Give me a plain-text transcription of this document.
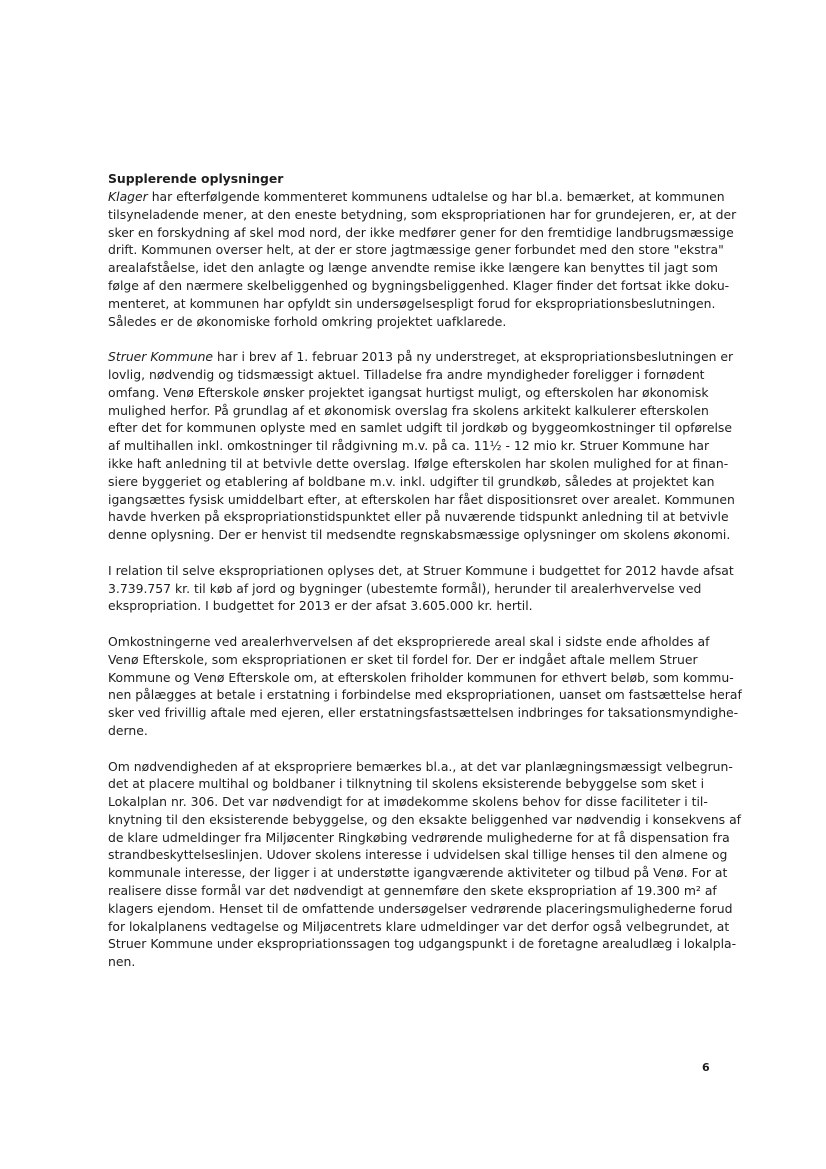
Supplerende oplysninger

Klager har efterfølgende kommenteret kommunens udtalelse og har bl.a. bemærket, at kommunen
tilsyneladende mener, at den eneste betydning, som ekspropriationen har for grundejeren, er, at der
sker en forskydning af skel mod nord, der ikke medfører gener for den fremtidige landbrugsmæssige
drift. Kommunen overser helt, at der er store jagtmæssige gener forbundet med den store "ekstra"
arealafståelse, idet den anlagte og længe anvendte remise ikke længere kan benyttes til jagt som
følge af den nærmere skelbeliggenhed og bygningsbeliggenhed. Klager finder det fortsat ikke doku-
menteret, at kommunen har opfyldt sin undersøgelsespligt forud for ekspropriationsbeslutningen.
Således er de økonomiske forhold omkring projektet uafklarede.

Struer Kommune har i brev af 1. februar 2013 på ny understreget, at ekspropriationsbeslutningen er
lovlig, nødvendig og tidsmæssigt aktuel. Tilladelse fra andre myndigheder foreligger i fornødent
omfang. Venø Efterskole ønsker projektet igangsat hurtigst muligt, og efterskolen har økonomisk
mulighed herfor. På grundlag af et økonomisk overslag fra skolens arkitekt kalkulerer efterskolen
efter det for kommunen oplyste med en samlet udgift til jordkøb og byggeomkostninger til opførelse
af multihallen inkl. omkostninger til rådgivning m.v. på ca. 11½ - 12 mio kr. Struer Kommune har
ikke haft anledning til at betvivle dette overslag. Ifølge efterskolen har skolen mulighed for at finan-
siere byggeriet og etablering af boldbane m.v. inkl. udgifter til grundkøb, således at projektet kan
igangsættes fysisk umiddelbart efter, at efterskolen har fået dispositionsret over arealet. Kommunen
havde hverken på ekspropriationstidspunktet eller på nuværende tidspunkt anledning til at betvivle
denne oplysning. Der er henvist til medsendte regnskabsmæssige oplysninger om skolens økonomi.

I relation til selve ekspropriationen oplyses det, at Struer Kommune i budgettet for 2012 havde afsat
3.739.757 kr. til køb af jord og bygninger (ubestemte formål), herunder til arealerhvervelse ved
ekspropriation. I budgettet for 2013 er der afsat 3.605.000 kr. hertil.

Omkostningerne ved arealerhvervelsen af det eksproprierede areal skal i sidste ende afholdes af
Venø Efterskole, som ekspropriationen er sket til fordel for. Der er indgået aftale mellem Struer
Kommune og Venø Efterskole om, at efterskolen friholder kommunen for ethvert beløb, som kommu-
nen pålægges at betale i erstatning i forbindelse med ekspropriationen, uanset om fastsættelse heraf
sker ved frivillig aftale med ejeren, eller erstatningsfastsættelsen indbringes for taksationsmyndighe-
derne.

Om nødvendigheden af at ekspropriere bemærkes bl.a., at det var planlægningsmæssigt velbegrun-
det at placere multihal og boldbaner i tilknytning til skolens eksisterende bebyggelse som sket i
Lokalplan nr. 306. Det var nødvendigt for at imødekomme skolens behov for disse faciliteter i til-
knytning til den eksisterende bebyggelse, og den eksakte beliggenhed var nødvendig i konsekvens af
de klare udmeldinger fra Miljøcenter Ringkøbing vedrørende mulighederne for at få dispensation fra
strandbeskyttelseslinjen. Udover skolens interesse i udvidelsen skal tillige henses til den almene og
kommunale interesse, der ligger i at understøtte igangværende aktiviteter og tilbud på Venø. For at
realisere disse formål var det nødvendigt at gennemføre den skete ekspropriation af 19.300 m² af
klagers ejendom. Henset til de omfattende undersøgelser vedrørende placeringsmulighederne forud
for lokalplanens vedtagelse og Miljøcentrets klare udmeldinger var det derfor også velbegrundet, at
Struer Kommune under ekspropriationssagen tog udgangspunkt i de foretagne arealudlæg i lokalpla-
nen.

6
